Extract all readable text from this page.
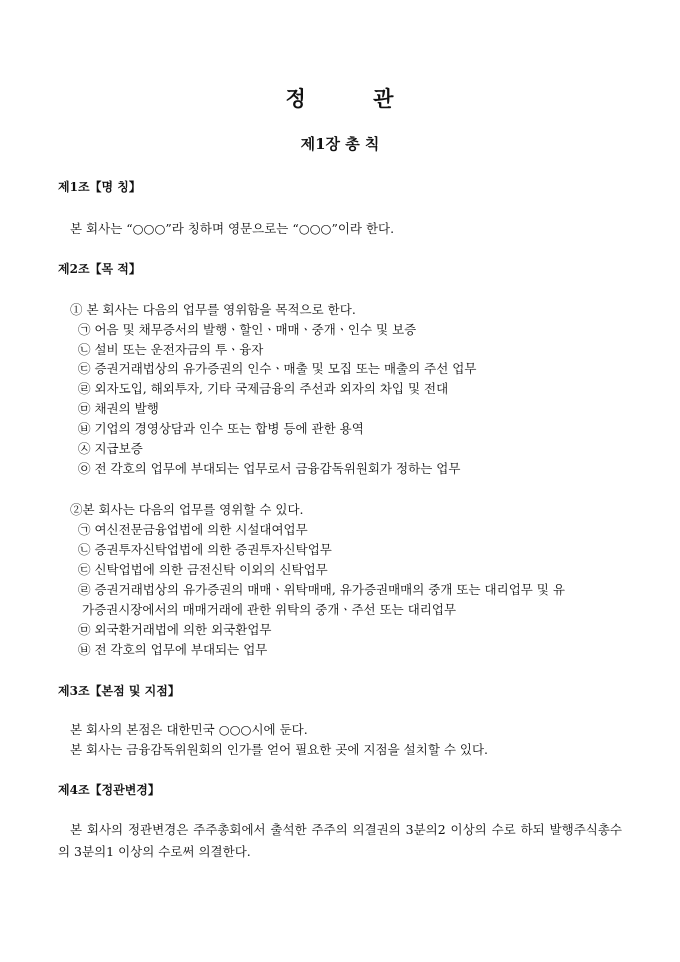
정 관
제1장 총 칙
제1조【명 칭】
본 회사는 “○○○”라 칭하며 영문으로는 “○○○”이라 한다.
제2조【목 적】
① 본 회사는 다음의 업무를 영위함을 목적으로 한다.
㉠ 어음 및 채무증서의 발행ㆍ할인ㆍ매매ㆍ중개ㆍ인수 및 보증
㉡ 설비 또는 운전자금의 투ㆍ융자
㉢ 증권거래법상의 유가증권의 인수ㆍ매출 및 모집 또는 매출의 주선 업무
㉣ 외자도입, 해외투자, 기타 국제금융의 주선과 외자의 차입 및 전대
㉤ 채권의 발행
㉥ 기업의 경영상담과 인수 또는 합병 등에 관한 용역
㉦ 지급보증
㉧ 전 각호의 업무에 부대되는 업무로서 금융감독위원회가 정하는 업무
②본 회사는 다음의 업무를 영위할 수 있다.
㉠ 여신전문금융업법에 의한 시설대여업무
㉡ 증권투자신탁업법에 의한 증권투자신탁업무
㉢ 신탁업법에 의한 금전신탁 이외의 신탁업무
㉣ 증권거래법상의 유가증권의 매매ㆍ위탁매매, 유가증권매매의 중개 또는 대리업무 및 유
가증권시장에서의 매매거래에 관한 위탁의 중개ㆍ주선 또는 대리업무
㉤ 외국환거래법에 의한 외국환업무
㉥ 전 각호의 업무에 부대되는 업무
제3조【본점 및 지점】
본 회사의 본점은 대한민국 ○○○시에 둔다.
본 회사는 금융감독위원회의 인가를 얻어 필요한 곳에 지점을 설치할 수 있다.
제4조【정관변경】
본 회사의 정관변경은 주주총회에서 출석한 주주의 의결권의 3분의2 이상의 수로 하되 발행주식총수의 3분의1 이상의 수로써 의결한다.
